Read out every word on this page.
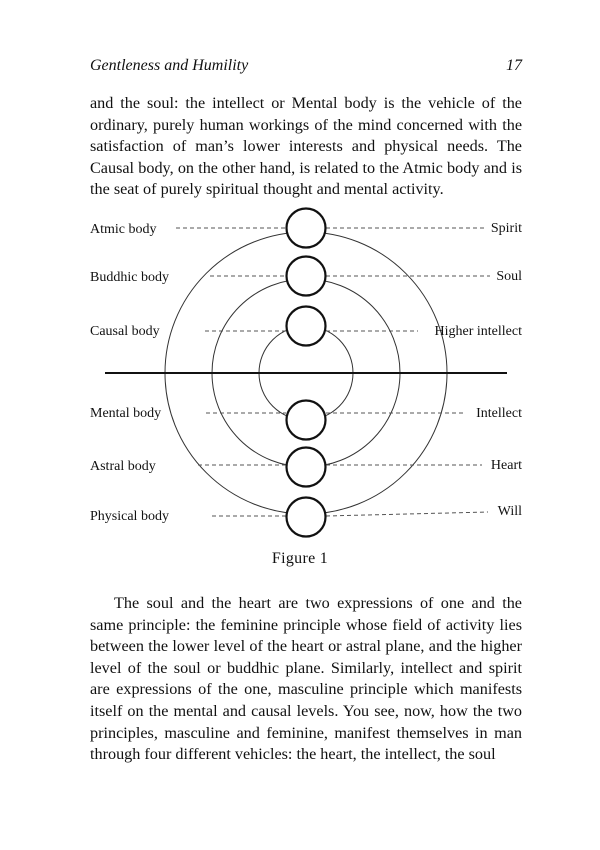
Gentleness and Humility	17

and the soul: the intellect or Mental body is the vehicle of the ordinary, purely human workings of the mind concerned with the satisfaction of man’s lower interests and physical needs. The Causal body, on the other hand, is related to the Atmic body and is the seat of purely spiritual thought and mental activity.

Atmic body
Buddhic body
Causal body
Mental body
Astral body
Physical body
Spirit
Soul
Higher intellect
Intellect
Heart
Will
Figure 1

The soul and the heart are two expressions of one and the same principle: the feminine principle whose field of activity lies between the lower level of the heart or astral plane, and the higher level of the soul or buddhic plane. Similarly, intellect and spirit are expressions of the one, masculine principle which manifests itself on the mental and causal levels. You see, now, how the two principles, masculine and feminine, manifest themselves in man through four different vehicles: the heart, the intellect, the soul
